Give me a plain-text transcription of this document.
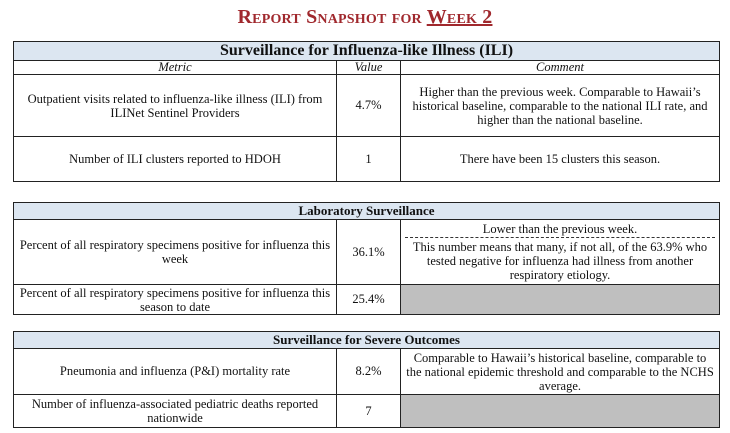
Report Snapshot for Week 2
Surveillance for Influenza-like Illness (ILI)		
Metric	Value	Comment
Outpatient visits related to influenza-like illness (ILI) from ILINet Sentinel Providers	4.7%	Higher than the previous week. Comparable to Hawaii’s historical baseline, comparable to the national ILI rate, and higher than the national baseline.
Number of ILI clusters reported to HDOH	1	There have been 15 clusters this season.
Laboratory Surveillance		
Percent of all respiratory specimens positive for influenza this week	36.1%	Lower than the previous week.
This number means that many, if not all, of the 63.9% who tested negative for influenza had illness from another respiratory etiology.
Percent of all respiratory specimens positive for influenza this season to date	25.4%	
Surveillance for Severe Outcomes		
Pneumonia and influenza (P&I) mortality rate	8.2%	Comparable to Hawaii’s historical baseline, comparable to the national epidemic threshold and comparable to the NCHS average.
Number of influenza-associated pediatric deaths reported nationwide	7	
